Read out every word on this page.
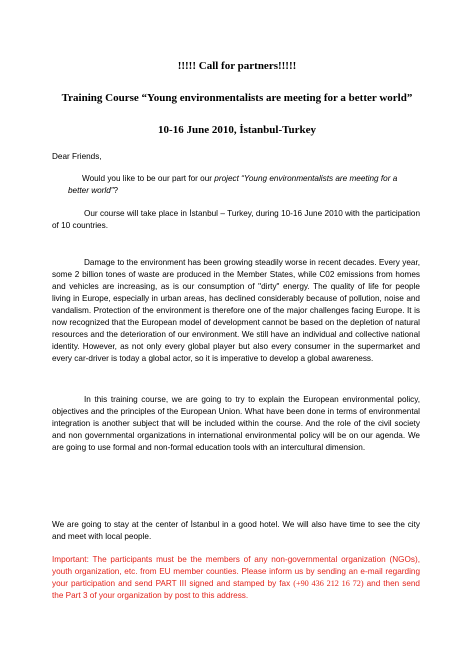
!!!!! Call for partners!!!!!
Training Course “Young environmentalists are meeting for a better world”
10-16 June 2010, İstanbul-Turkey
Dear Friends,
Would you like to be our part for our project “Young environmentalists are meeting for a better world”?
Our course will take place in İstanbul – Turkey, during 10-16 June 2010 with the participation of 10 countries.
Damage to the environment has been growing steadily worse in recent decades. Every year, some 2 billion tones of waste are produced in the Member States, while C02 emissions from homes and vehicles are increasing, as is our consumption of "dirty" energy. The quality of life for people living in Europe, especially in urban areas, has declined considerably because of pollution, noise and vandalism. Protection of the environment is therefore one of the major challenges facing Europe. It is now recognized that the European model of development cannot be based on the depletion of natural resources and the deterioration of our environment. We still have an individual and collective national identity. However, as not only every global player but also every consumer in the supermarket and every car-driver is today a global actor, so it is imperative to develop a global awareness.
In this training course, we are going to try to explain the European environmental policy, objectives and the principles of the European Union. What have been done in terms of environmental integration is another subject that will be included within the course. And the role of the civil society and non governmental organizations in international environmental policy will be on our agenda. We are going to use formal and non-formal education tools with an intercultural dimension.
We are going to stay at the center of İstanbul in a good hotel. We will also have time to see the city and meet with local people.
Important: The participants must be the members of any non-governmental organization (NGOs), youth organization, etc. from EU member counties. Please inform us by sending an e-mail regarding your participation and send PART III signed and stamped by fax (+90 436 212 16 72) and then send the Part 3 of your organization by post to this address.
